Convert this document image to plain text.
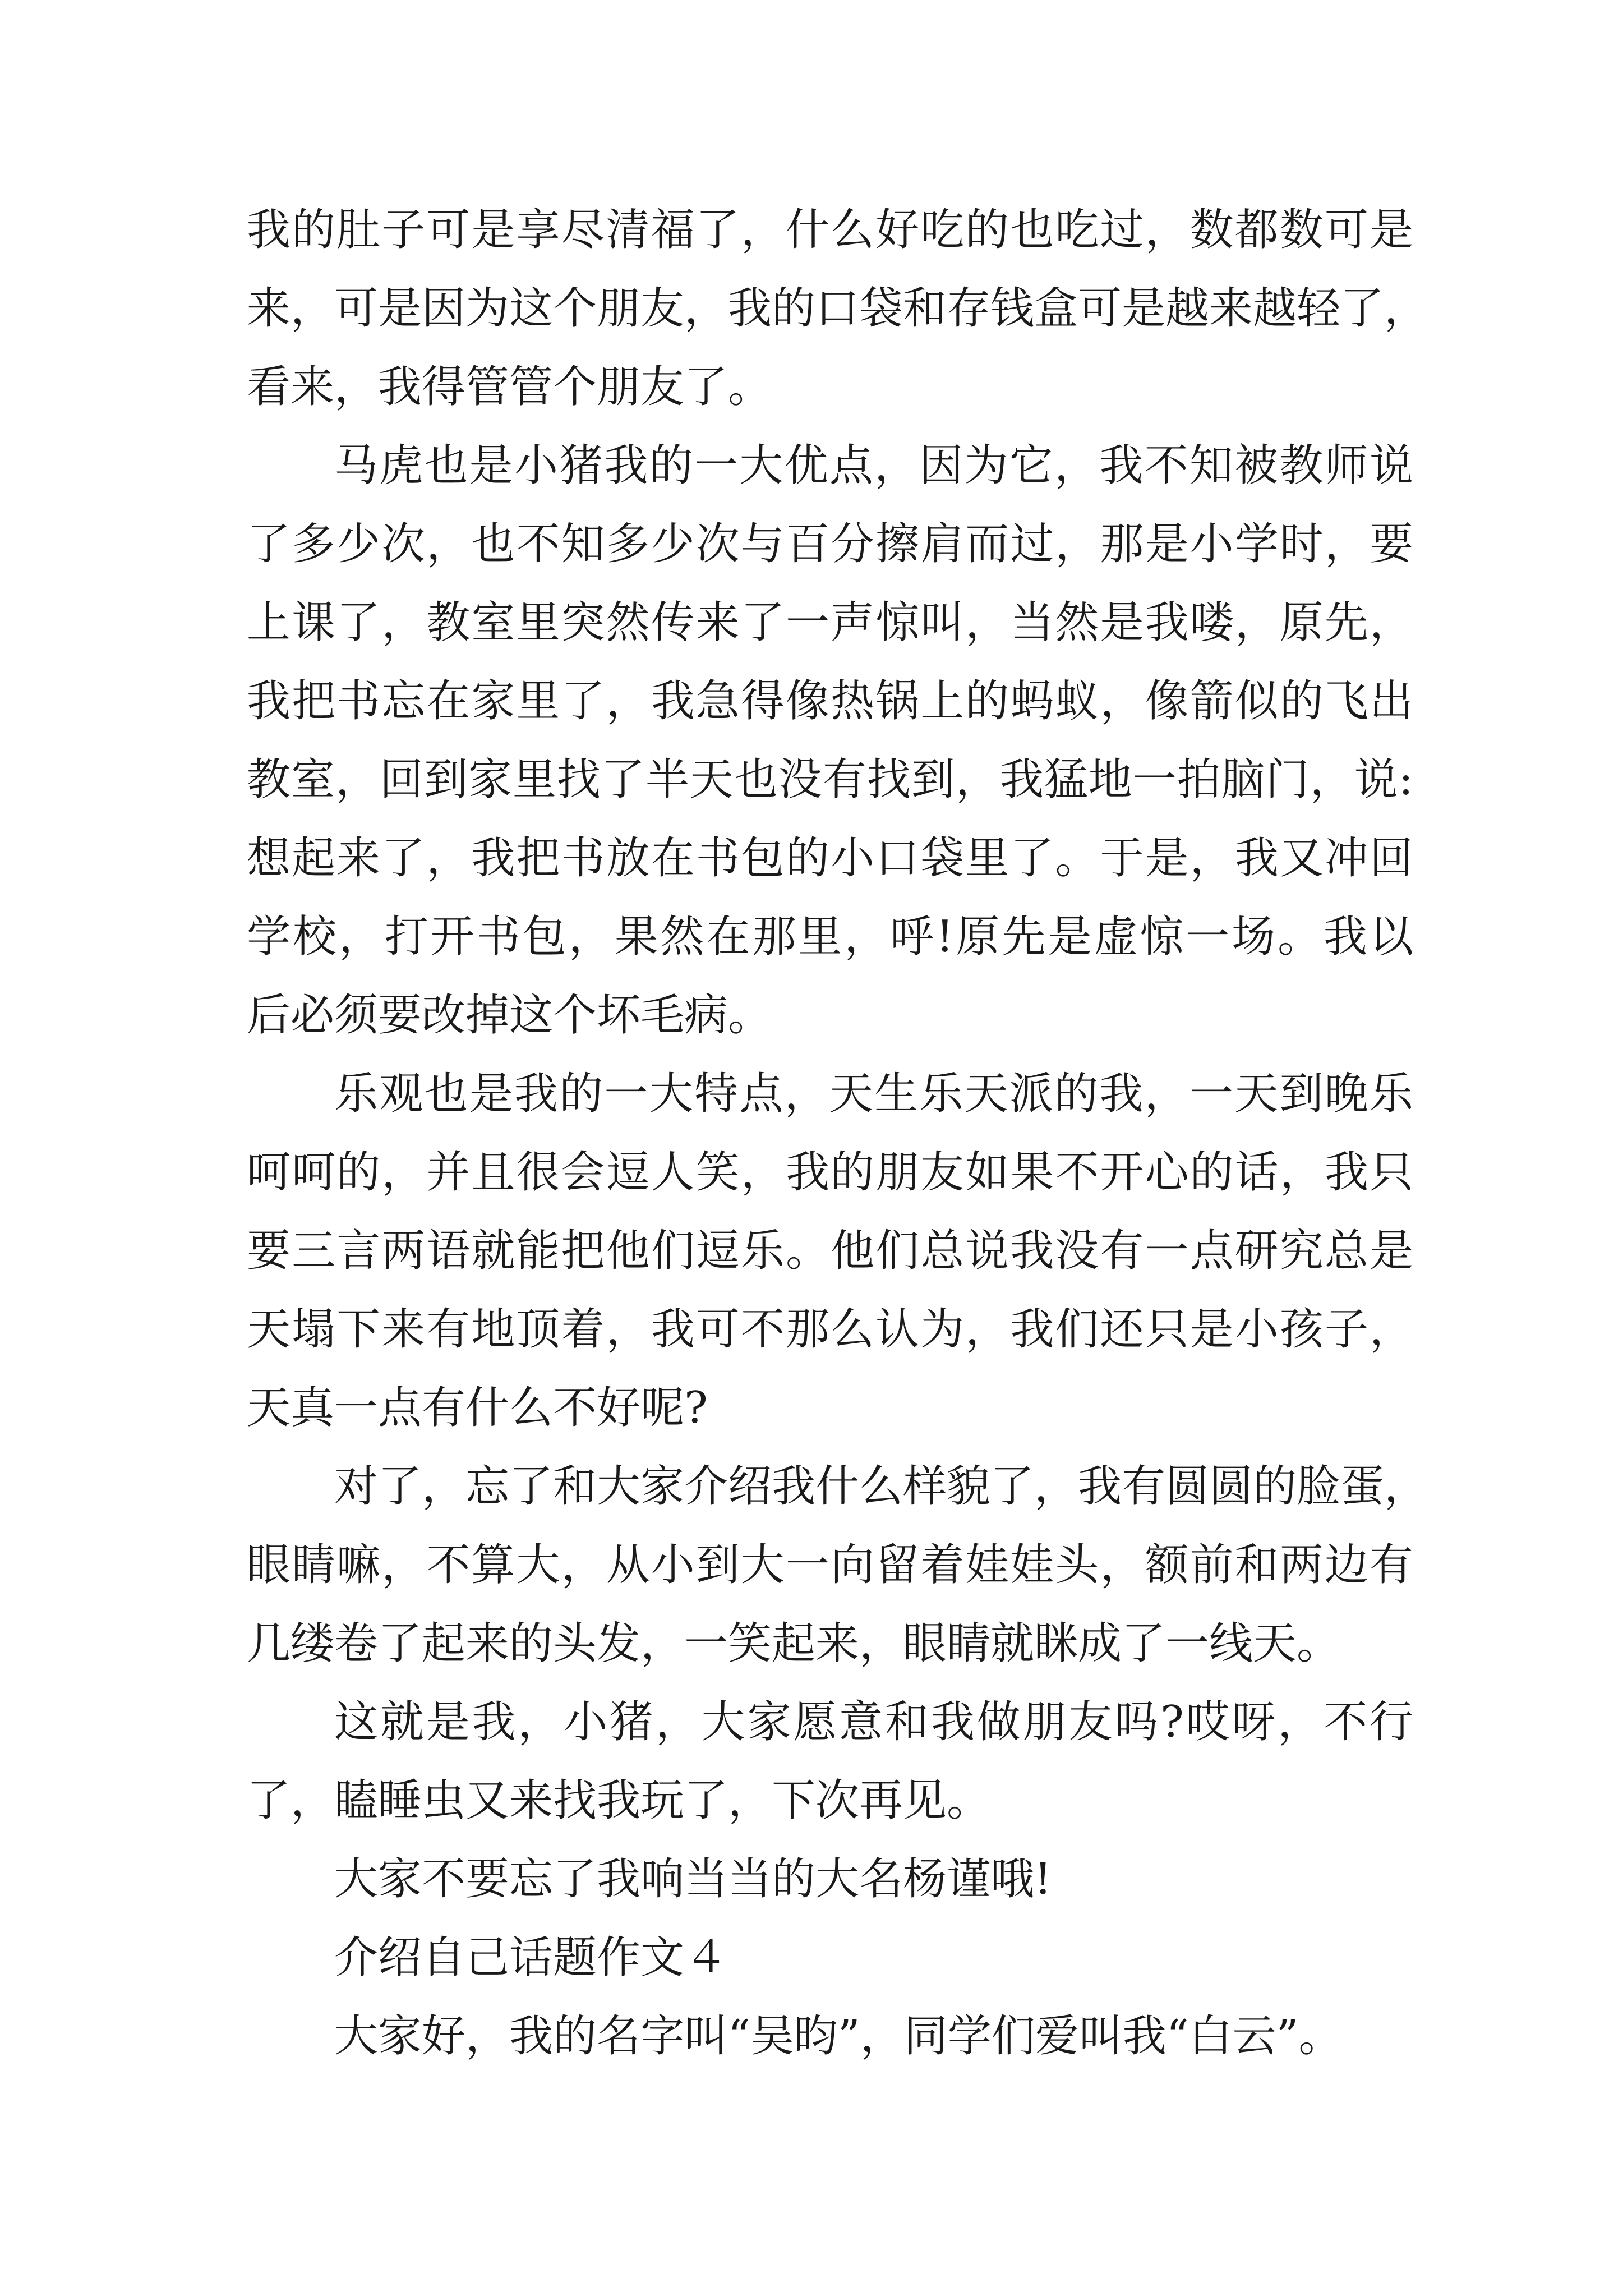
我的肚子可是享尽清福了，什么好吃的也吃过，数都数可是
来，可是因为这个朋友，我的口袋和存钱盒可是越来越轻了，
看来，我得管管个朋友了。
马虎也是小猪我的一大优点，因为它，我不知被教师说
了多少次，也不知多少次与百分擦肩而过，那是小学时，要
上课了，教室里突然传来了一声惊叫，当然是我喽，原先，
我把书忘在家里了，我急得像热锅上的蚂蚁，像箭似的飞出
教室，回到家里找了半天也没有找到，我猛地一拍脑门，说:
想起来了，我把书放在书包的小口袋里了。于是，我又冲回
学校，打开书包，果然在那里，呼!原先是虚惊一场。我以
后必须要改掉这个坏毛病。
乐观也是我的一大特点，天生乐天派的我，一天到晚乐
呵呵的，并且很会逗人笑，我的朋友如果不开心的话，我只
要三言两语就能把他们逗乐。他们总说我没有一点研究总是
天塌下来有地顶着，我可不那么认为，我们还只是小孩子，
天真一点有什么不好呢?
对了，忘了和大家介绍我什么样貌了，我有圆圆的脸蛋，
眼睛嘛，不算大，从小到大一向留着娃娃头，额前和两边有
几缕卷了起来的头发，一笑起来，眼睛就眯成了一线天。
这就是我，小猪，大家愿意和我做朋友吗?哎呀，不行
了，瞌睡虫又来找我玩了，下次再见。
大家不要忘了我响当当的大名杨谨哦!
介绍自己话题作文４
大家好，我的名字叫“吴昀”，同学们爱叫我“白云”。
